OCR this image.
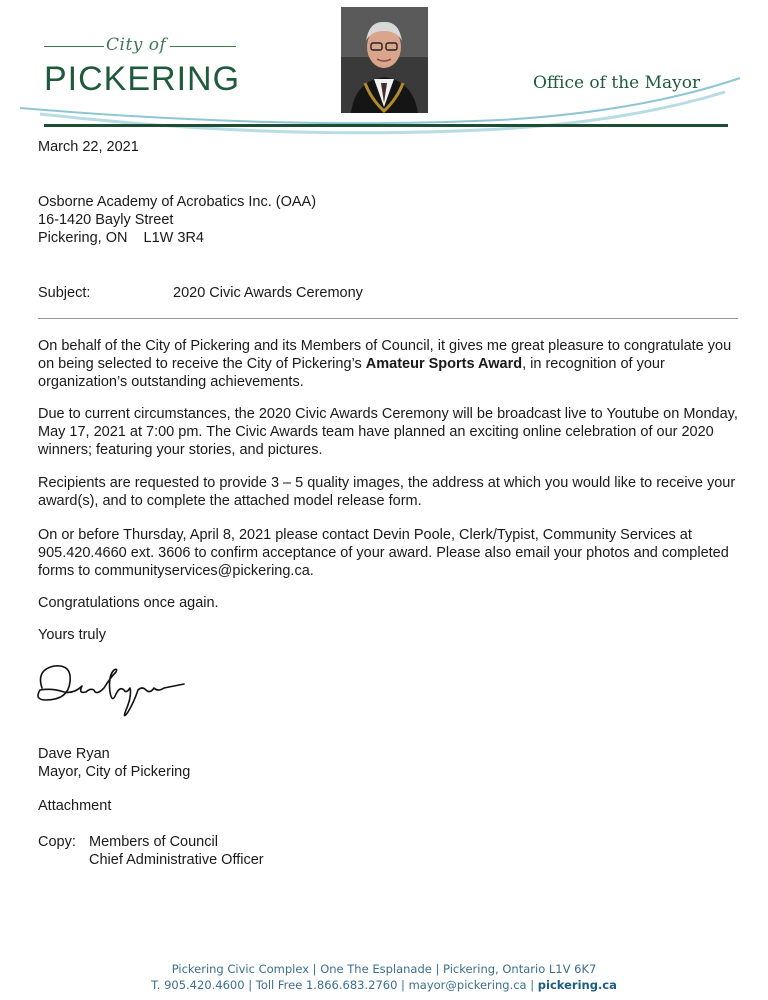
City of
PICKERING	Office of the Mayor
March 22, 2021
Osborne Academy of Acrobatics Inc. (OAA)
16-1420 Bayly Street
Pickering, ON    L1W 3R4
Subject:	2020 Civic Awards Ceremony
On behalf of the City of Pickering and its Members of Council, it gives me great pleasure to congratulate you on being selected to receive the City of Pickering’s Amateur Sports Award, in recognition of your organization’s outstanding achievements.
Due to current circumstances, the 2020 Civic Awards Ceremony will be broadcast live to Youtube on Monday, May 17, 2021 at 7:00 pm. The Civic Awards team have planned an exciting online celebration of our 2020 winners; featuring your stories, and pictures.
Recipients are requested to provide 3 – 5 quality images, the address at which you would like to receive your award(s), and to complete the attached model release form.
On or before Thursday, April 8, 2021 please contact Devin Poole, Clerk/Typist, Community Services at 905.420.4660 ext. 3606 to confirm acceptance of your award. Please also email your photos and completed forms to communityservices@pickering.ca.
Congratulations once again.
Yours truly
Dave Ryan
Mayor, City of Pickering
Attachment
Copy: Members of Council
Chief Administrative Officer
Pickering Civic Complex | One The Esplanade | Pickering, Ontario L1V 6K7
T. 905.420.4600 | Toll Free 1.866.683.2760 | mayor@pickering.ca | pickering.ca
